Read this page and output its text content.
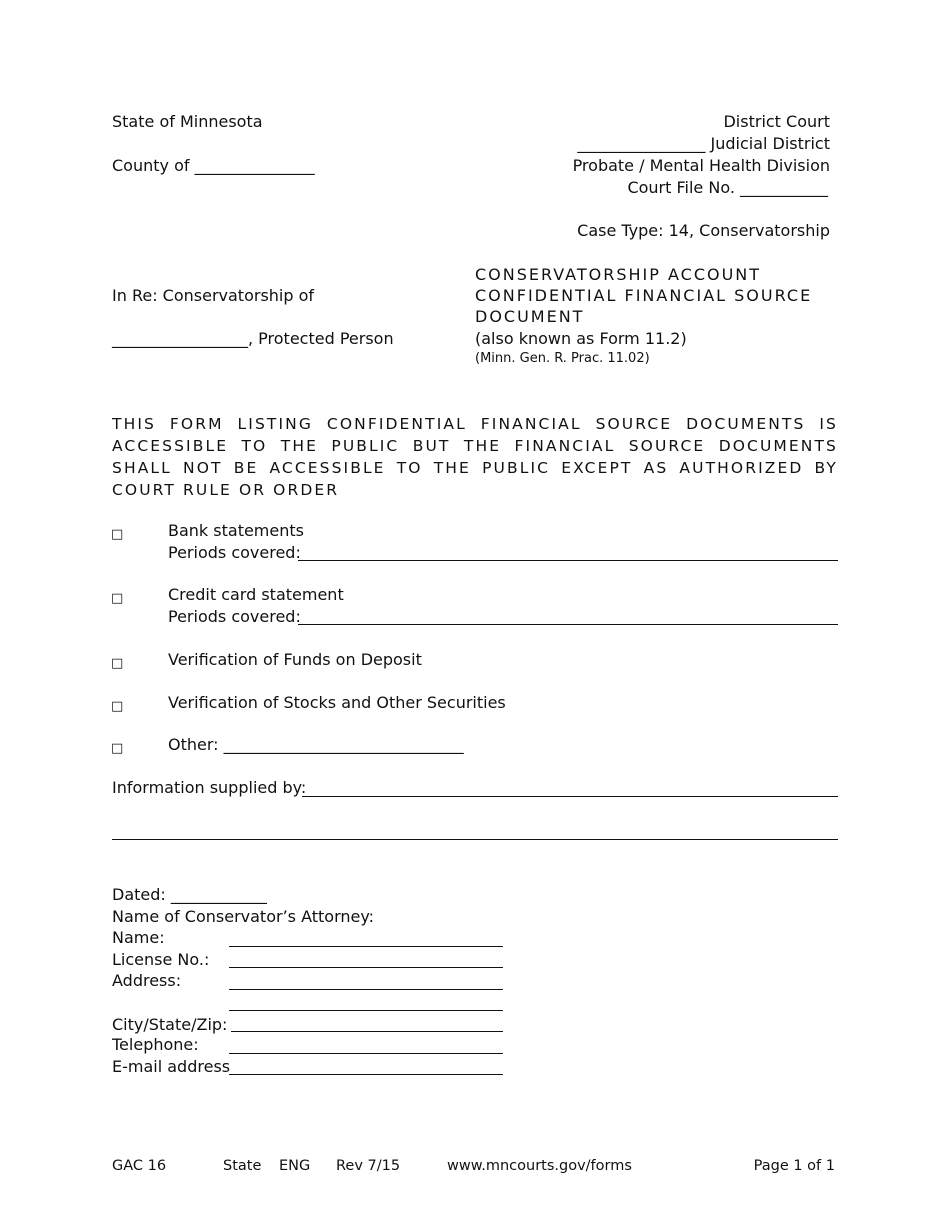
State of Minnesota
County of _______________
District Court
________________ Judicial District
Probate / Mental Health Division
Court File No. ___________
Case Type: 14, Conservatorship
In Re: Conservatorship of
_________________, Protected Person
CONSERVATORSHIP ACCOUNT
CONFIDENTIAL FINANCIAL SOURCE
DOCUMENT
(also known as Form 11.2)
(Minn. Gen. R. Prac. 11.02)
THIS FORM LISTING CONFIDENTIAL FINANCIAL SOURCE DOCUMENTS IS ACCESSIBLE TO THE PUBLIC BUT THE FINANCIAL SOURCE DOCUMENTS SHALL NOT BE ACCESSIBLE TO THE PUBLIC EXCEPT AS AUTHORIZED BY COURT RULE OR ORDER
□	Bank statements
Periods covered:
□	Credit card statement
Periods covered:
□	Verification of Funds on Deposit
□	Verification of Stocks and Other Securities
□	Other: ______________________________
Information supplied by:
Dated: ____________
Name of Conservator’s Attorney:
Name:
License No.:
Address:
City/State/Zip:
Telephone:
E-mail address
GAC 16	State ENG Rev 7/15	www.mncourts.gov/forms	Page 1 of 1
